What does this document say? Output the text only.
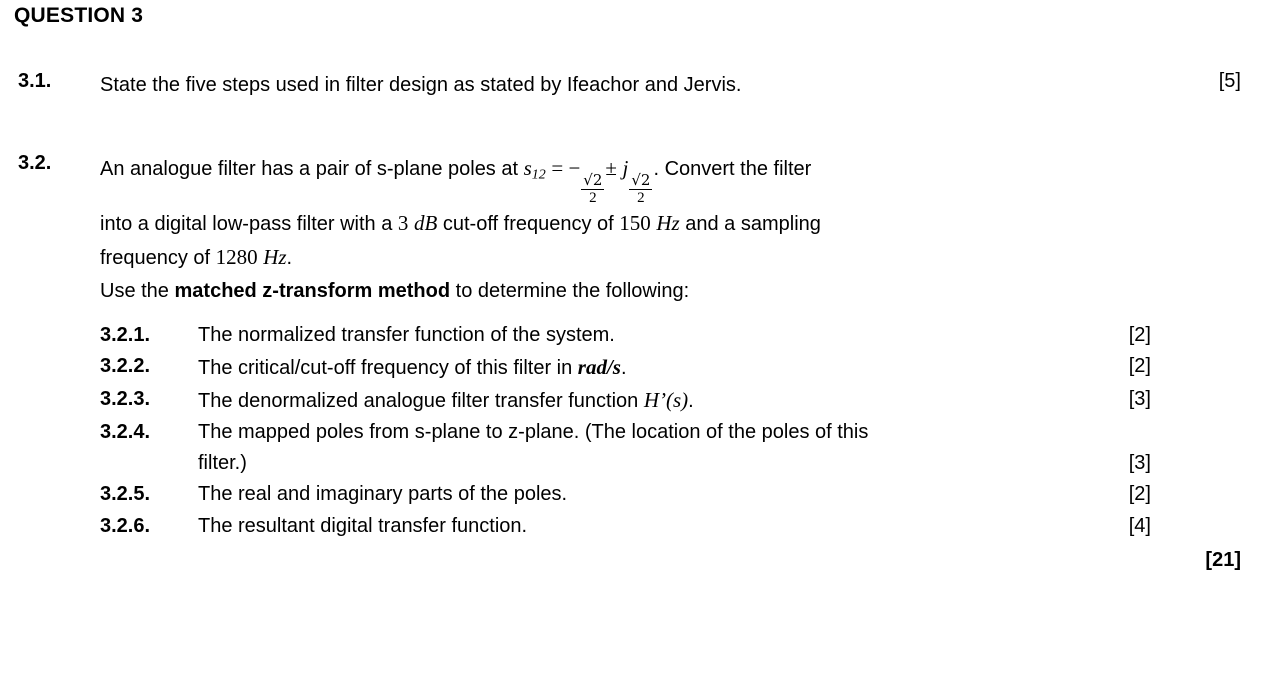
QUESTION 3
3.1.	State the five steps used in filter design as stated by Ifeachor and Jervis.	[5]
3.2.	An analogue filter has a pair of s-plane poles at $s_{12}$ = −
$\frac{√2}{2}$
± j
$\frac{√2}{2}$
. Convert the filter
into a digital low-pass filter with a 3 dB cut-off frequency of 150 Hz and a sampling
frequency of 1280 Hz.
Use the matched z-transform method to determine the following:
3.2.1.	The normalized transfer function of the system.	[2]
3.2.2.	The critical/cut-off frequency of this filter in rad/s.	[2]
3.2.3.	The denormalized analogue filter transfer function H’(s).	[3]
3.2.4.	The mapped poles from s-plane to z-plane. (The location of the poles of this
filter.)	[3]
3.2.5.	The real and imaginary parts of the poles.	[2]
3.2.6.	The resultant digital transfer function.	[4]
[21]
